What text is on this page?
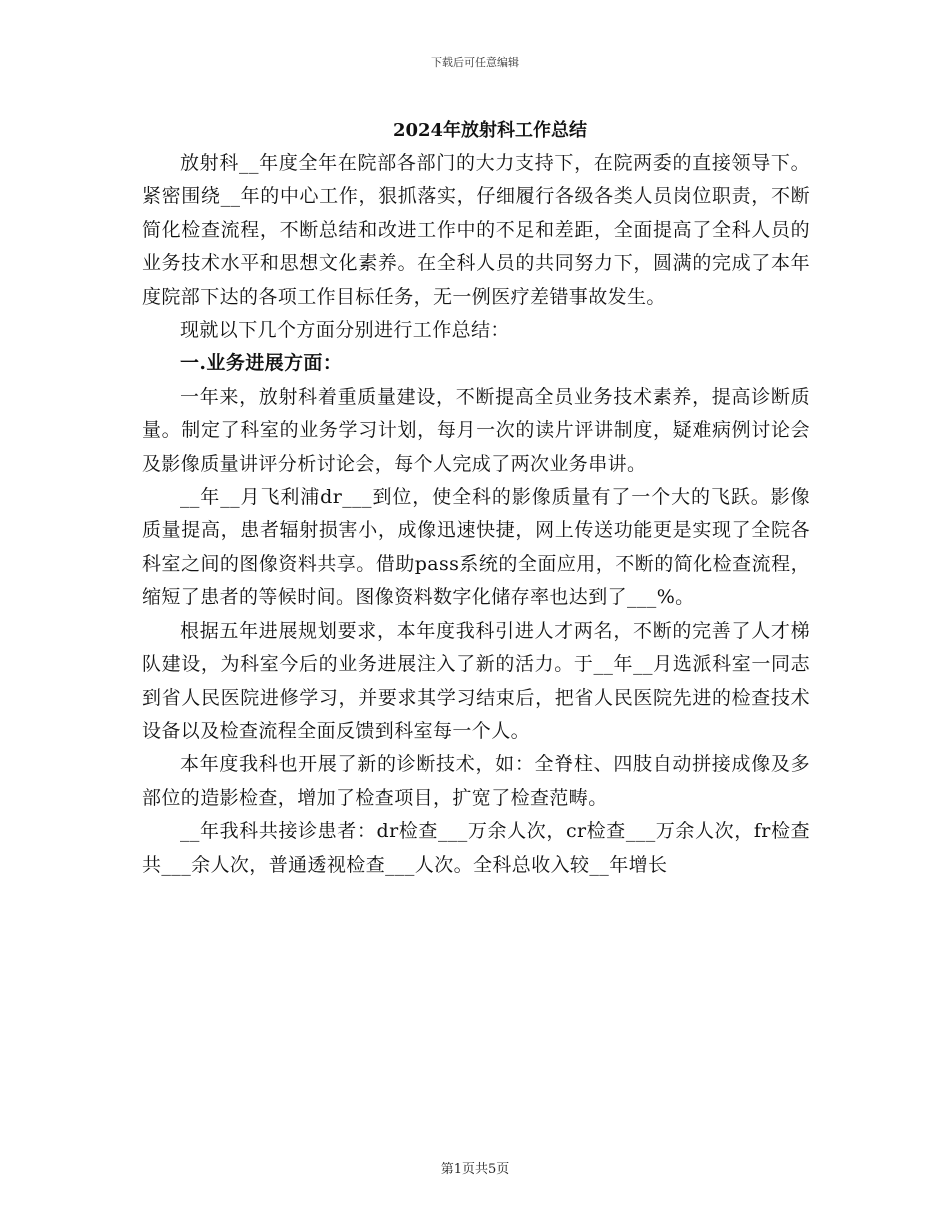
下载后可任意编辑
2024年放射科工作总结

放射科__年度全年在院部各部门的大力支持下，在院两委的直接领导下。紧密围绕__年的中心工作，狠抓落实，仔细履行各级各类人员岗位职责，不断简化检查流程，不断总结和改进工作中的不足和差距，全面提高了全科人员的业务技术水平和思想文化素养。在全科人员的共同努力下，圆满的完成了本年度院部下达的各项工作目标任务，无一例医疗差错事故发生。

现就以下几个方面分别进行工作总结：

一.业务进展方面：

一年来，放射科着重质量建设，不断提高全员业务技术素养，提高诊断质量。制定了科室的业务学习计划，每月一次的读片评讲制度，疑难病例讨论会及影像质量讲评分析讨论会，每个人完成了两次业务串讲。

__年__月飞利浦dr___到位，使全科的影像质量有了一个大的飞跃。影像质量提高，患者辐射损害小，成像迅速快捷，网上传送功能更是实现了全院各科室之间的图像资料共享。借助pass系统的全面应用，不断的简化检查流程，缩短了患者的等候时间。图像资料数字化储存率也达到了___%。

根据五年进展规划要求，本年度我科引进人才两名，不断的完善了人才梯队建设，为科室今后的业务进展注入了新的活力。于__年__月选派科室一同志到省人民医院进修学习，并要求其学习结束后，把省人民医院先进的检查技术设备以及检查流程全面反馈到科室每一个人。

本年度我科也开展了新的诊断技术，如：全脊柱、四肢自动拼接成像及多部位的造影检查，增加了检查项目，扩宽了检查范畴。

__年我科共接诊患者：dr检查___万余人次，cr检查___万余人次，fr检查共___余人次，普通透视检查___人次。全科总收入较__年增长

第1页共5页
